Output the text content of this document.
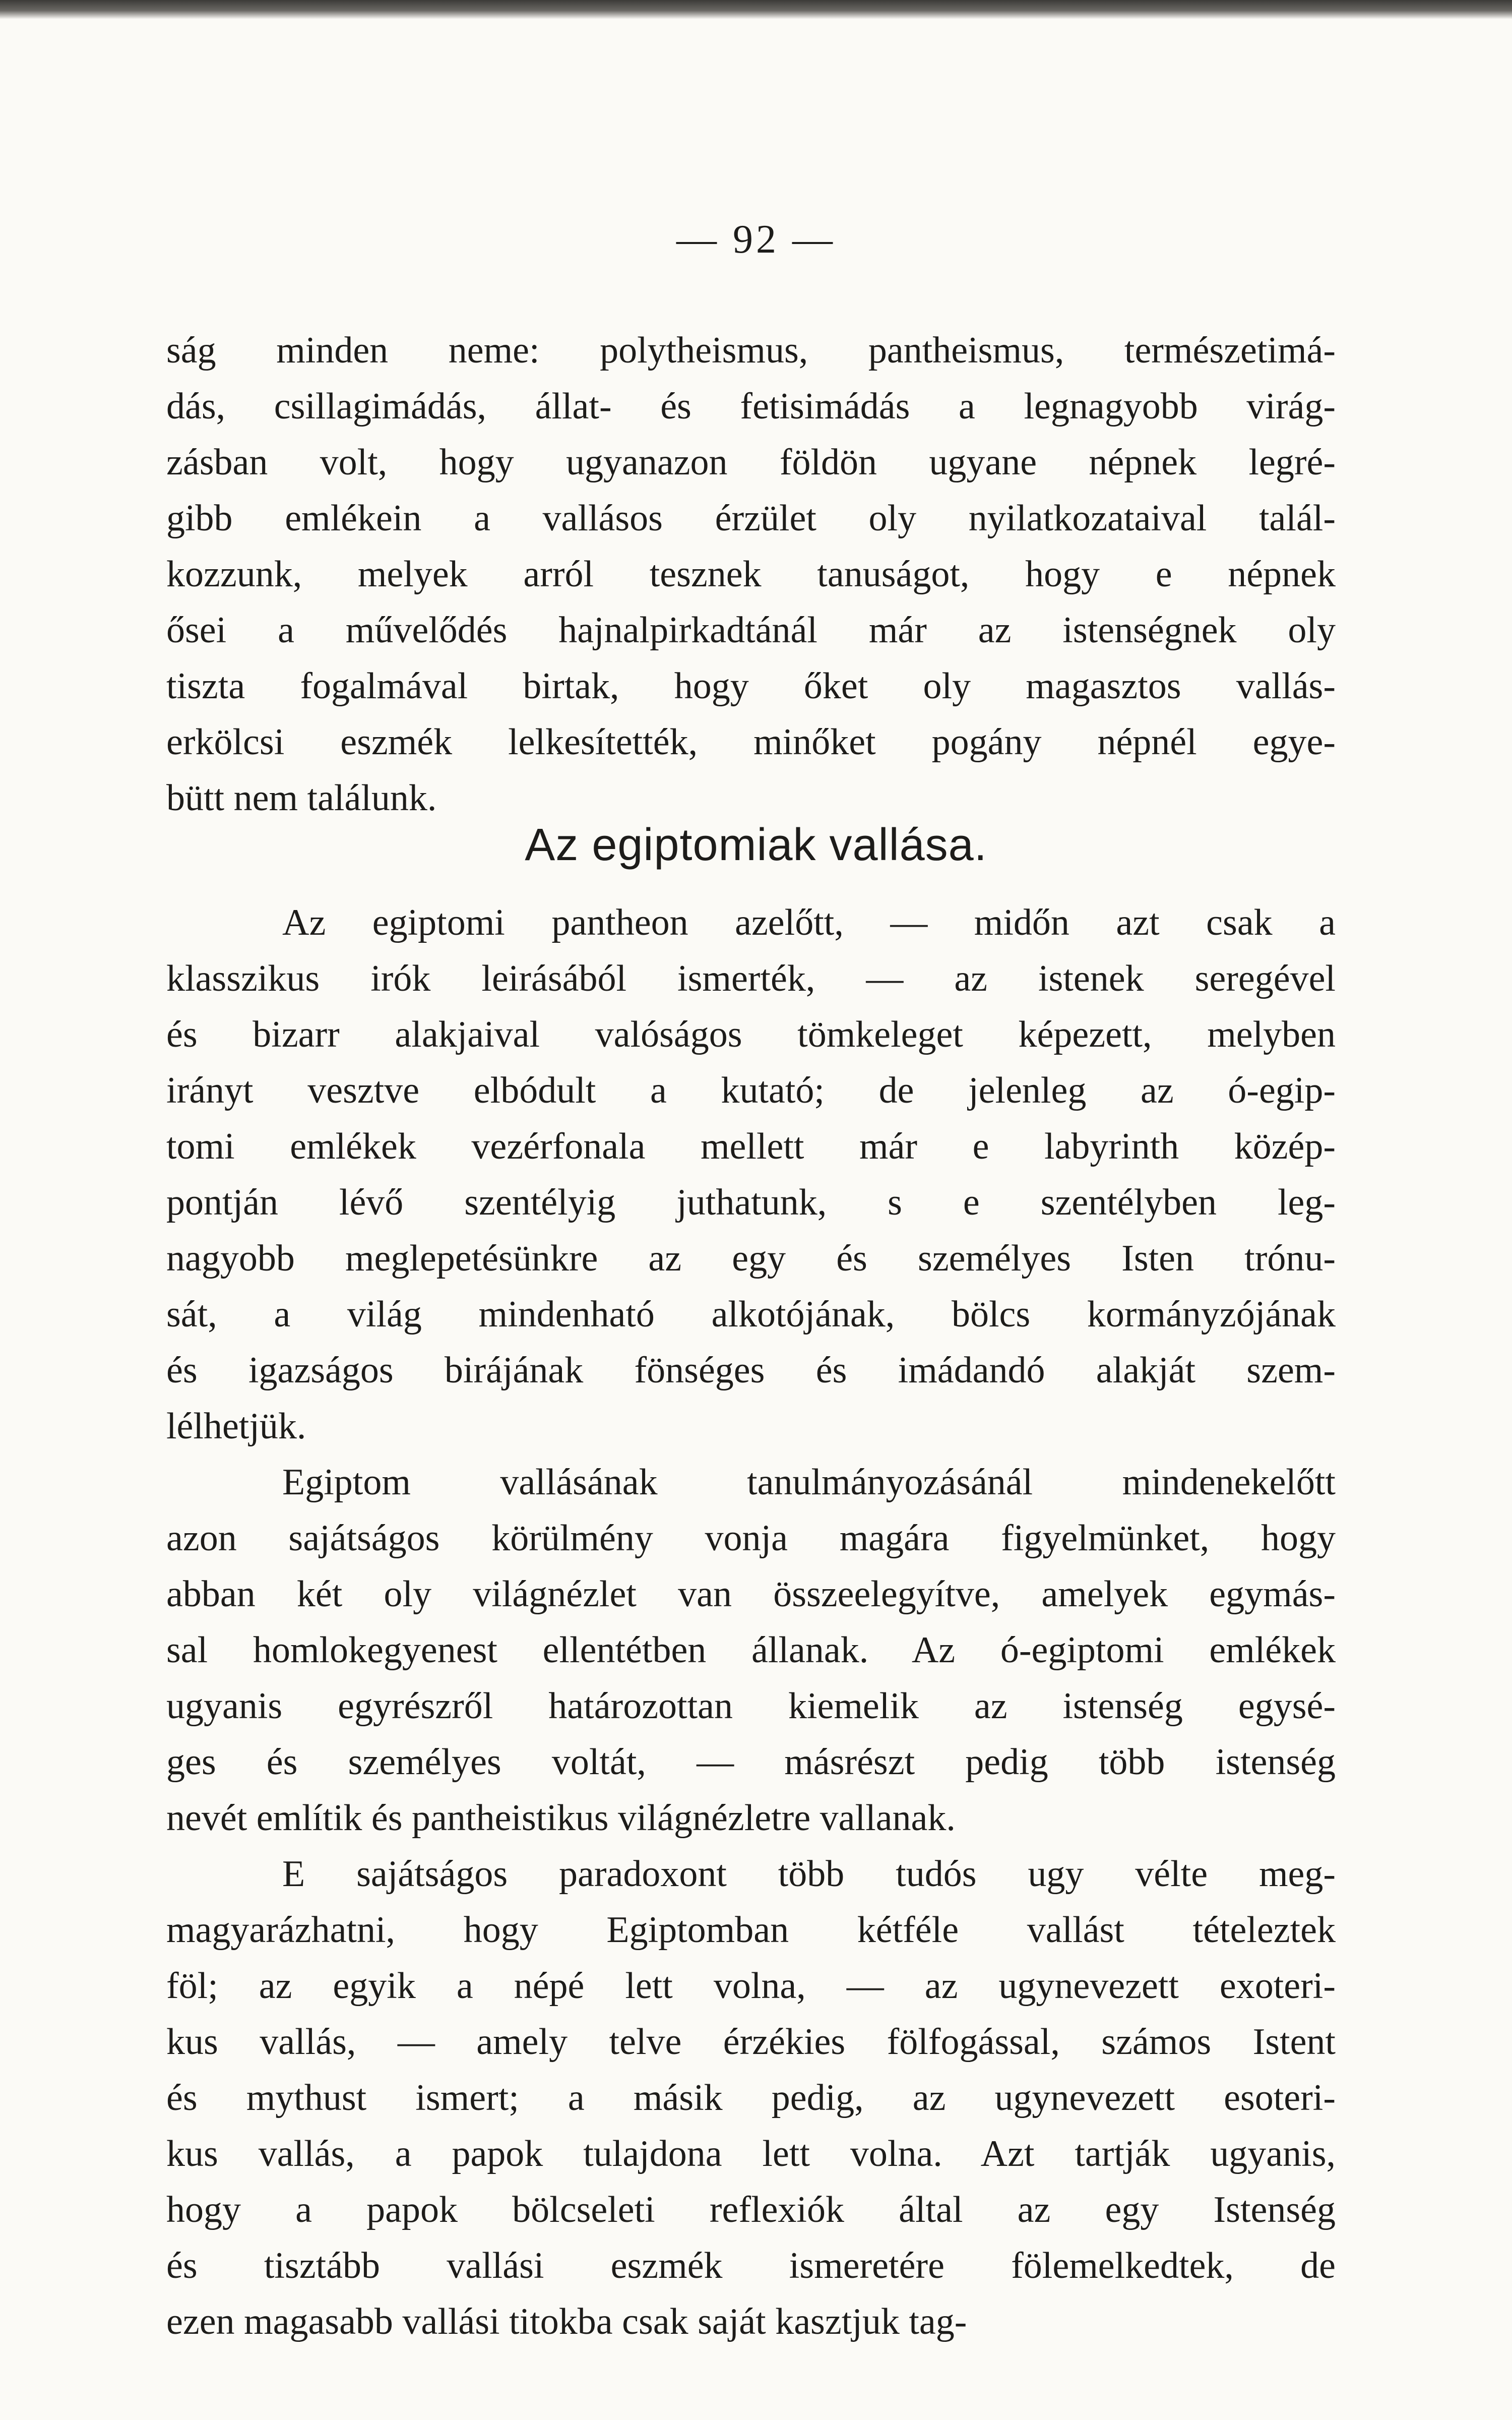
— 92 —
ság minden neme: polytheismus, pantheismus, természetimá-
dás, csillagimádás, állat- és fetisimádás a legnagyobb virág-
zásban volt, hogy ugyanazon földön ugyane népnek legré-
gibb emlékein a vallásos érzület oly nyilatkozataival talál-
kozzunk, melyek arról tesznek tanuságot, hogy e népnek
ősei a művelődés hajnalpirkadtánál már az istenségnek oly
tiszta fogalmával birtak, hogy őket oly magasztos vallás-
erkölcsi eszmék lelkesítették, minőket pogány népnél egye-
bütt nem találunk.
Az egiptomiak vallása.
Az egiptomi pantheon azelőtt, — midőn azt csak a
klasszikus irók leirásából ismerték, — az istenek seregével
és bizarr alakjaival valóságos tömkeleget képezett, melyben
irányt vesztve elbódult a kutató; de jelenleg az ó-egip-
tomi emlékek vezérfonala mellett már e labyrinth közép-
pontján lévő szentélyig juthatunk, s e szentélyben leg-
nagyobb meglepetésünkre az egy és személyes Isten trónu-
sát, a világ mindenható alkotójának, bölcs kormányzójának
és igazságos birájának fönséges és imádandó alakját szem-
lélhetjük.
Egiptom vallásának tanulmányozásánál mindenekelőtt
azon sajátságos körülmény vonja magára figyelmünket, hogy
abban két oly világnézlet van összeelegyítve, amelyek egymás-
sal homlokegyenest ellentétben állanak. Az ó-egiptomi emlékek
ugyanis egyrészről határozottan kiemelik az istenség egysé-
ges és személyes voltát, — másrészt pedig több istenség
nevét említik és pantheistikus világnézletre vallanak.
E sajátságos paradoxont több tudós ugy vélte meg-
magyarázhatni, hogy Egiptomban kétféle vallást tételeztek
föl; az egyik a népé lett volna, — az ugynevezett exoteri-
kus vallás, — amely telve érzékies fölfogással, számos Istent
és mythust ismert; a másik pedig, az ugynevezett esoteri-
kus vallás, a papok tulajdona lett volna. Azt tartják ugyanis,
hogy a papok bölcseleti reflexiók által az egy Istenség
és tisztább vallási eszmék ismeretére fölemelkedtek, de
ezen magasabb vallási titokba csak saját kasztjuk tag-
